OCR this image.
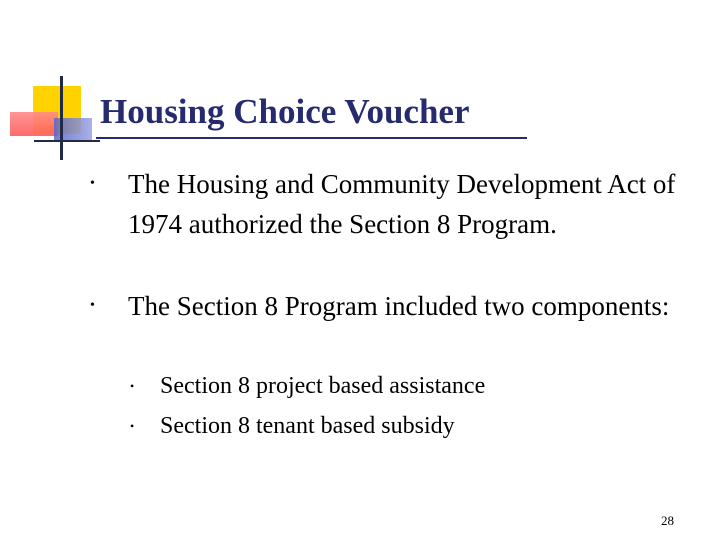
Housing Choice Voucher
• The Housing and Community Development Act of 1974 authorized the Section 8 Program.
• The Section 8 Program included two components:
• Section 8 project based assistance
• Section 8 tenant based subsidy
28
